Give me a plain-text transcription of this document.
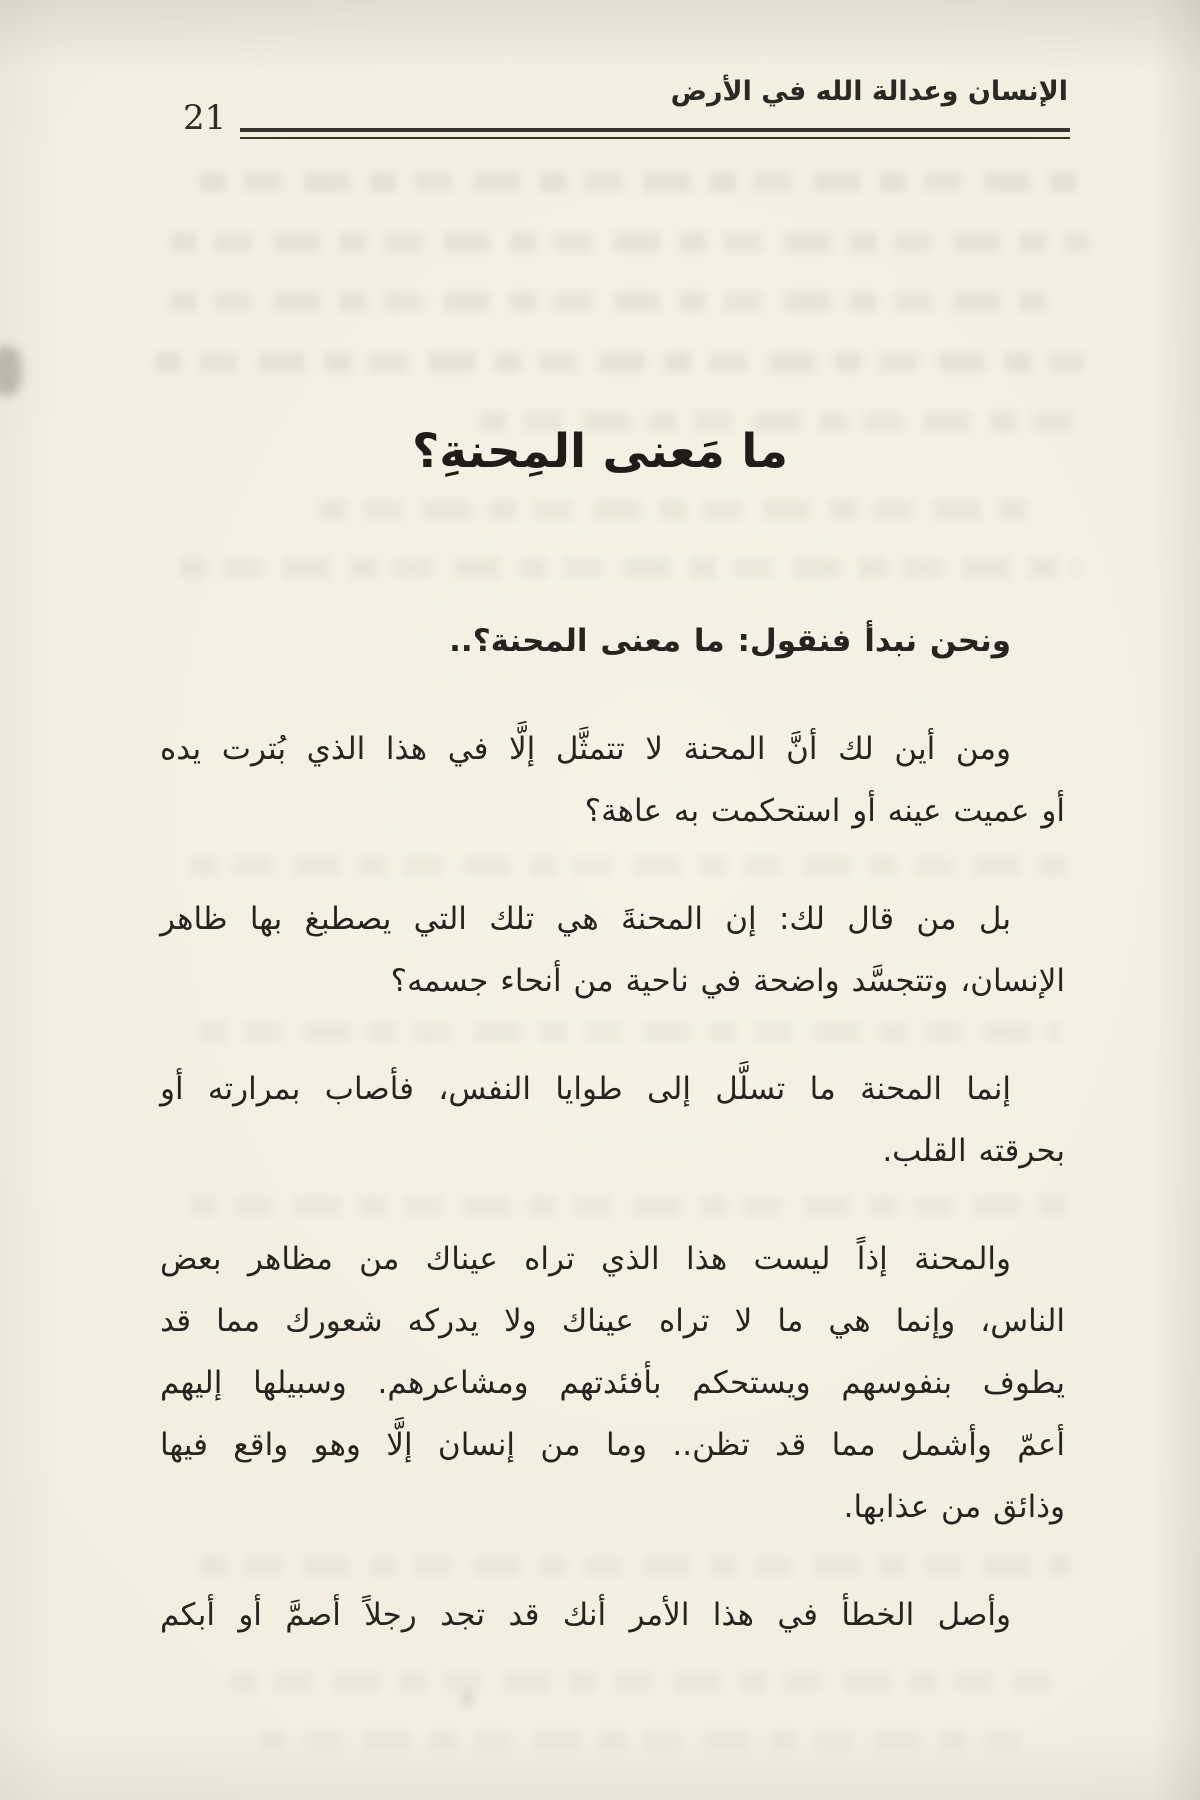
الإنسان وعدالة الله في الأرض
21
ما مَعنى المِحنةِ؟
ونحن نبدأ فنقول: ما معنى المحنة؟..
ومن أين لك أنَّ المحنة لا تتمثَّل إلَّا في هذا الذي بُترت يده
أو عميت عينه أو استحكمت به عاهة؟
بل من قال لك: إن المحنةَ هي تلك التي يصطبغ بها ظاهر
الإنسان، وتتجسَّد واضحة في ناحية من أنحاء جسمه؟
إنما المحنة ما تسلَّل إلى طوايا النفس، فأصاب بمرارته أو
بحرقته القلب.
والمحنة إذاً ليست هذا الذي تراه عيناك من مظاهر بعض
الناس، وإنما هي ما لا تراه عيناك ولا يدركه شعورك مما قد
يطوف بنفوسهم ويستحكم بأفئدتهم ومشاعرهم. وسبيلها إليهم
أعمّ وأشمل مما قد تظن.. وما من إنسان إلَّا وهو واقع فيها
وذائق من عذابها.
وأصل الخطأ في هذا الأمر أنك قد تجد رجلاً أصمَّ أو أبكم
